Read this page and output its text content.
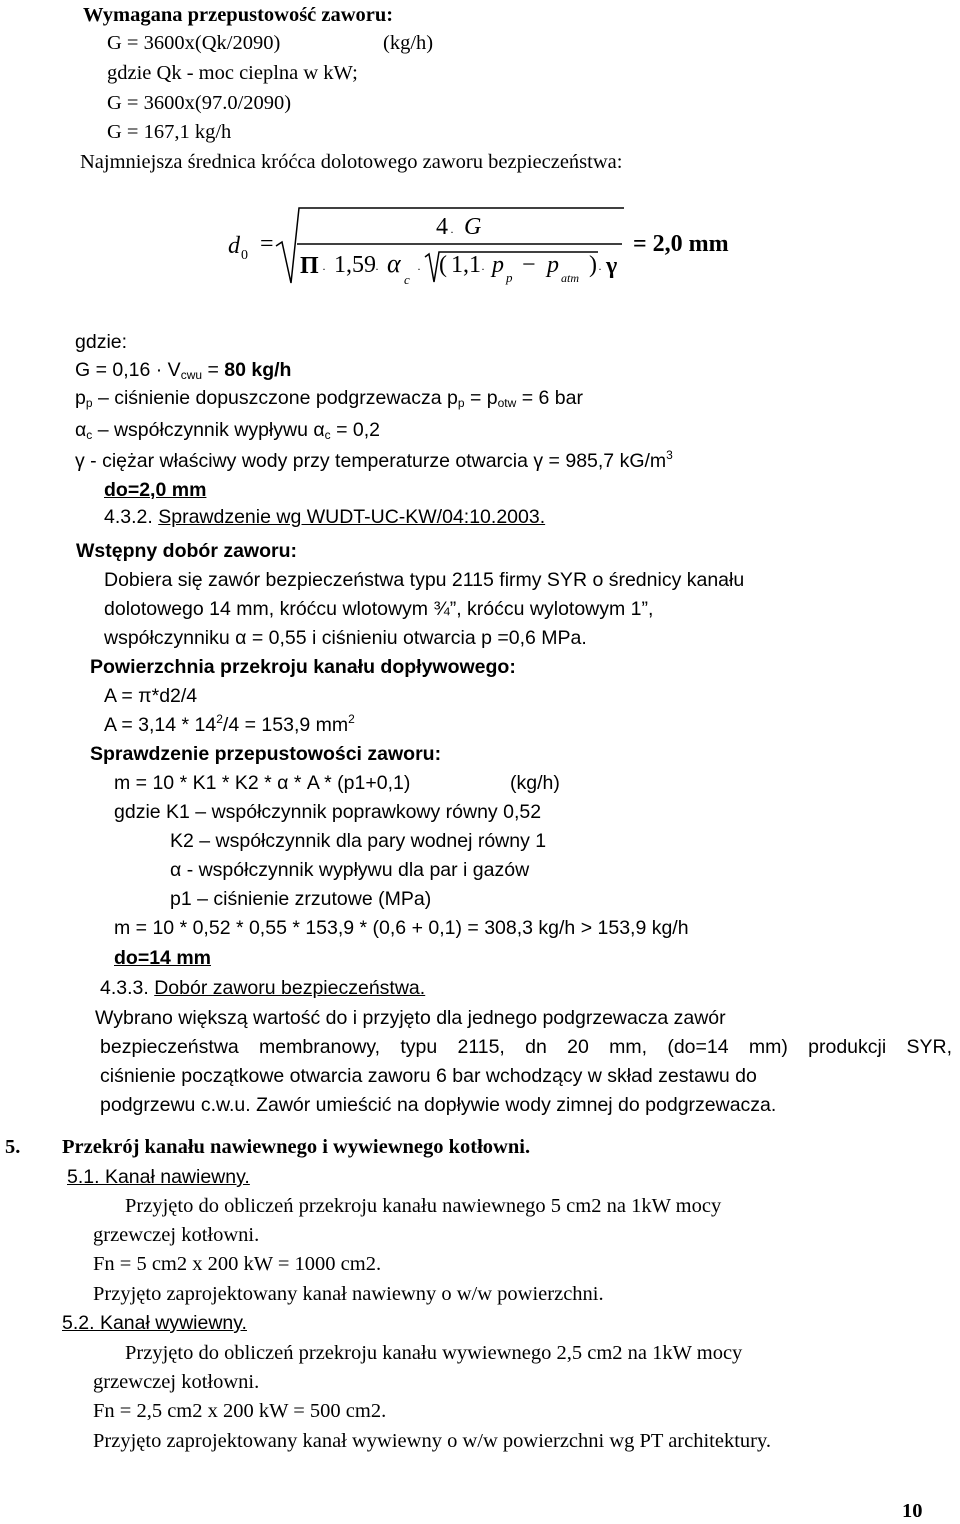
Wymagana przepustowość zaworu:
G = 3600x(Qk/2090)	(kg/h)
gdzie Qk - moc cieplna w kW;
G = 3600x(97.0/2090)
G = 167,1 kg/h
Najmniejsza średnica króćca dolotowego zaworu bezpieczeństwa:
d 0 =
4 · G
Π · 1,59 · α
c
· ( 1,1 · p p − p atm ) · γ
= 2,0 mm
gdzie:
$G = 0,16 \cdot V_{cwu} = 80$ kg/h
$p_p$ – ciśnienie dopuszczone podgrzewacza $p_p = p_{otw} = 6$ bar
$\alpha_c$ – współczynnik wypływu $\alpha_c = 0,2$
γ - ciężar właściwy wody przy temperaturze otwarcia γ = 985,7 $kG/m^3$
do=2,0 mm
4.3.2. Sprawdzenie wg WUDT-UC-KW/04:10.2003.
Wstępny dobór zaworu:
Dobiera się zawór bezpieczeństwa typu 2115 firmy SYR o średnicy kanału
dolotowego 14 mm, króćcu wlotowym ¾”, króćcu wylotowym 1”,
współczynniku α = 0,55 i ciśnieniu otwarcia p =0,6 MPa.
Powierzchnia przekroju kanału dopływowego:
A = π*d2/4
$A = 3,14 * 14^2/4 = 153,9$ $mm^2$
Sprawdzenie przepustowości zaworu:
m = 10 * K1 * K2 * α * A * (p1+0,1)	(kg/h)
gdzie K1 – współczynnik poprawkowy równy 0,52
K2 – współczynnik dla pary wodnej równy 1
α - współczynnik wypływu dla par i gazów
p1 – ciśnienie zrzutowe (MPa)
m = 10 * 0,52 * 0,55 * 153,9 * (0,6 + 0,1) = 308,3 kg/h > 153,9 kg/h
do=14 mm
4.3.3. Dobór zaworu bezpieczeństwa.
Wybrano większą wartość do i przyjęto dla jednego podgrzewacza zawór
bezpieczeństwa membranowy, typu 2115, dn 20 mm, (do=14 mm) produkcji SYR,
ciśnienie początkowe otwarcia zaworu 6 bar wchodzący w skład zestawu do
podgrzewu c.w.u. Zawór umieścić na dopływie wody zimnej do podgrzewacza.
5. Przekrój kanału nawiewnego i wywiewnego kotłowni.
5.1. Kanał nawiewny.
Przyjęto do obliczeń przekroju kanału nawiewnego 5 cm2 na 1kW mocy
grzewczej kotłowni.
Fn = 5 cm2 x 200 kW = 1000 cm2.
Przyjęto zaprojektowany kanał nawiewny o w/w powierzchni.
5.2. Kanał wywiewny.
Przyjęto do obliczeń przekroju kanału wywiewnego 2,5 cm2 na 1kW mocy
grzewczej kotłowni.
Fn = 2,5 cm2 x 200 kW = 500 cm2.
Przyjęto zaprojektowany kanał wywiewny o w/w powierzchni wg PT architektury.
10
